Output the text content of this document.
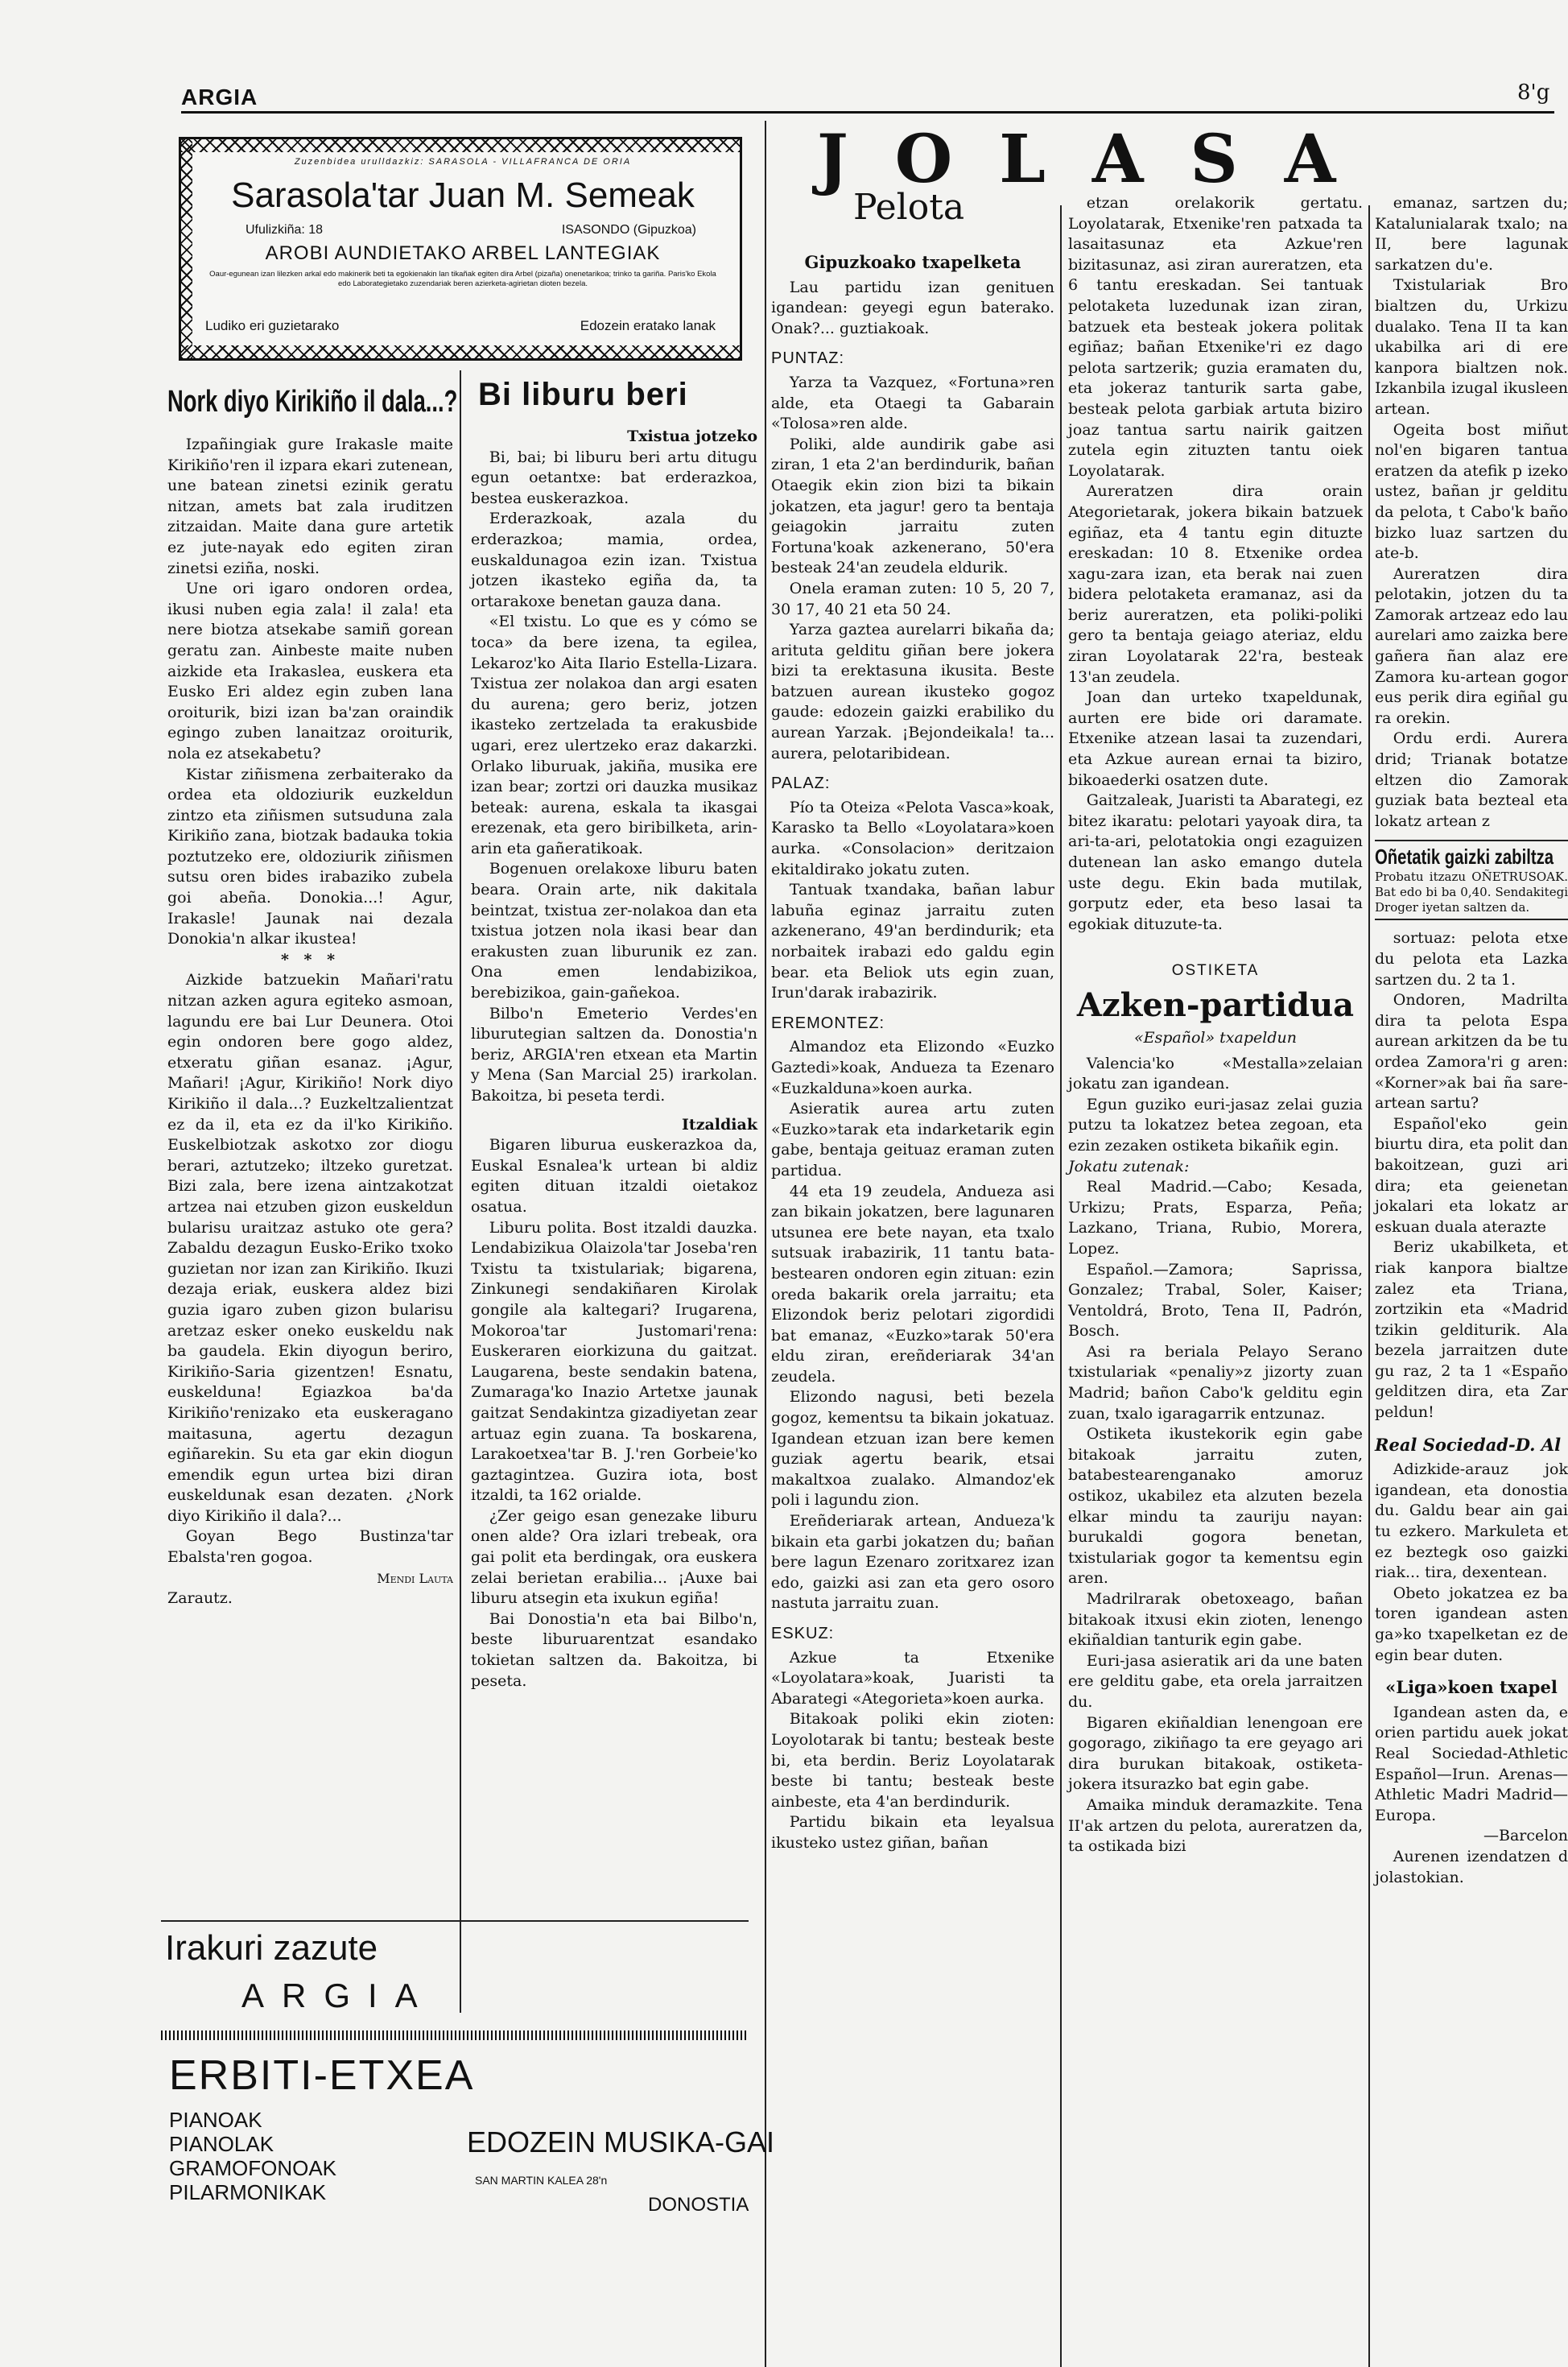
ARGIA	8'g
Zuzenbidea urulldazkiz: SARASOLA - VILLAFRANCA DE ORIA
Sarasola'tar Juan M. Semeak
Ufulizkiña: 18	ISASONDO (Gipuzkoa)
AROBI AUNDIETAKO ARBEL LANTEGIAK
Oaur-egunean izan lilezken arkal edo makinerik beti ta egokienakin lan tikañak egiten dira Arbel (pizaña) onenetarikoa; trinko ta gariña. Paris'ko Ekola edo Laborategietako zuzendariak beren azierketa-agirietan dioten bezela.
Ludiko eri guzietarako	Edozein eratako lanak
Nork diyo Kirikiño il dala...?

Izpañingiak gure Irakasle maite Kirikiño'ren il izpara ekari zutenean, une batean zinetsi ezinik geratu nitzan, amets bat zala iruditzen zitzaidan. Maite dana gure artetik ez jute-nayak edo egiten ziran zinetsi eziña, noski.

Une ori igaro ondoren ordea, ikusi nuben egia zala! il zala! eta nere biotza atsekabe samiñ gorean geratu zan. Ainbeste maite nuben aizkide eta Irakaslea, euskera eta Eusko Eri aldez egin zuben lana oroiturik, bizi izan ba'zan oraindik egingo zuben lanaitzaz oroiturik, nola ez atsekabetu?

Kistar ziñismena zerbaiterako da ordea eta oldoziurik euzkeldun zintzo eta ziñismen sutsuduna zala Kirikiño zana, biotzak badauka tokia poztutzeko ere, oldoziurik ziñismen sutsu oren bides irabaziko zubela goi abeña. Donokia...! Agur, Irakasle! Jaunak nai dezala Donokia'n alkar ikustea!

* * *

Aizkide batzuekin Mañari'ratu nitzan azken agura egiteko asmoan, lagundu ere bai Lur Deunera. Otoi egin ondoren bere gogo aldez, etxeratu giñan esanaz. ¡Agur, Mañari! ¡Agur, Kirikiño! Nork diyo Kirikiño il dala...? Euzkeltzalientzat ez da il, eta ez da il'ko Kirikiño. Euskelbiotzak askotxo zor diogu berari, aztutzeko; iltzeko guretzat. Bizi zala, bere izena aintzakotzat artzea nai etzuben gizon euskeldun bularisu uraitzaz astuko ote gera? Zabaldu dezagun Eusko-Eriko txoko guzietan nor izan zan Kirikiño. Ikuzi dezaja eriak, euskera aldez bizi guzia igaro zuben gizon bularisu aretzaz esker oneko euskeldu nak ba gaudela. Ekin diyogun beriro, Kirikiño-Saria gizentzen! Esnatu, euskelduna! Egiazkoa ba'da Kirikiño'renizako eta euskeragano maitasuna, agertu dezagun egiñarekin. Su eta gar ekin diogun emendik egun urtea bizi diran euskeldunak esan dezaten. ¿Nork diyo Kirikiño il dala?...

Goyan Bego Bustinza'tar Ebalsta'ren gogoa.

Mendi Lauta

Zarautz.

Irakuri zazute
ARGIA
ERBITI-ETXEA
PIANOAK
PIANOLAK
GRAMOFONOAK
PILARMONIKAK
EDOZEIN MUSIKA-GAI
SAN MARTIN KALEA 28'n
DONOSTIA
Bi liburu beri

Txistua jotzeko

Bi, bai; bi liburu beri artu ditugu egun oetantxe: bat erderazkoa, bestea euskerazkoa.

Erderazkoak, azala du erderazkoa; mamia, ordea, euskaldunagoa ezin izan. Txistua jotzen ikasteko egiña da, ta ortarakoxe benetan gauza dana.

«El txistu. Lo que es y cómo se toca» da bere izena, ta egilea, Lekaroz'ko Aita Ilario Estella-Lizara. Txistua zer nolakoa dan argi esaten du aurena; gero beriz, jotzen ikasteko zertzelada ta erakusbide ugari, erez ulertzeko eraz dakarzki. Orlako liburuak, jakiña, musika ere izan bear; zortzi ori dauzka musikaz beteak: aurena, eskala ta ikasgai erezenak, eta gero biribilketa, arin-arin eta gañeratikoak.

Bogenuen orelakoxe liburu baten beara. Orain arte, nik dakitala beintzat, txistua zer-nolakoa dan eta txistua jotzen nola ikasi bear dan erakusten zuan liburunik ez zan. Ona emen lendabizikoa, berebizikoa, gain-gañekoa.

Bilbo'n Emeterio Verdes'en liburutegian saltzen da. Donostia'n beriz, ARGIA'ren etxean eta Martin y Mena (San Marcial 25) irarkolan. Bakoitza, bi peseta terdi.

Itzaldiak

Bigaren liburua euskerazkoa da, Euskal Esnalea'k urtean bi aldiz egiten dituan itzaldi oietakoz osatua.

Liburu polita. Bost itzaldi dauzka. Lendabizikua Olaizola'tar Joseba'ren Txistu ta txistulariak; bigarena, Zinkunegi sendakiñaren Kirolak gongile ala kaltegari? Irugarena, Mokoroa'tar Justomari'rena: Euskeraren eiorkizuna du gaitzat. Laugarena, beste sendakin batena, Zumaraga'ko Inazio Artetxe jaunak gaitzat Sendakintza gizadiyetan zear artuaz egin zuana. Ta boskarena, Larakoetxea'tar B. J.'ren Gorbeie'ko gaztagintzea. Guzira iota, bost itzaldi, ta 162 orialde.

¿Zer geigo esan genezake liburu onen alde? Ora izlari trebeak, ora gai polit eta berdingak, ora euskera zelai berietan erabilia... ¡Auxe bai liburu atsegin eta ixukun egiña!

Bai Donostia'n eta bai Bilbo'n, beste liburuarentzat esandako tokietan saltzen da. Bakoitza, bi peseta.

JOLASA
Pelota

Gipuzkoako txapelketa

Lau partidu izan genituen igandean: geyegi egun baterako. Onak?... guztiakoak.

PUNTAZ:

Yarza ta Vazquez, «Fortuna»ren alde, eta Otaegi ta Gabarain «Tolosa»ren alde.

Poliki, alde aundirik gabe asi ziran, 1 eta 2'an berdindurik, bañan Otaegik ekin zion bizi ta bikain jokatzen, eta jagur! gero ta bentaja geiagokin jarraitu zuten Fortuna'koak azkenerano, 50'era besteak 24'an zeudela eldurik.

Onela eraman zuten: 10 5, 20 7, 30 17, 40 21 eta 50 24.

Yarza gaztea aurelarri bikaña da; arituta gelditu giñan bere jokera bizi ta erektasuna ikusita. Beste batzuen aurean ikusteko gogoz gaude: edozein gaizki erabiliko du aurean Yarzak. ¡Bejondeikala! ta... aurera, pelotaribidean.

PALAZ:

Pío ta Oteiza «Pelota Vasca»koak, Karasko ta Bello «Loyolatara»koen aurka. «Consolacion» deritzaion ekitaldirako jokatu zuten.

Tantuak txandaka, bañan labur labuña eginaz jarraitu zuten azkenerano, 49'an berdindurik; eta norbaitek irabazi edo galdu egin bear. eta Beliok uts egin zuan, Irun'darak irabazirik.

EREMONTEZ:

Almandoz eta Elizondo «Euzko Gaztedi»koak, Andueza ta Ezenaro «Euzkalduna»koen aurka.

Asieratik aurea artu zuten «Euzko»tarak eta indarketarik egin gabe, bentaja geituaz eraman zuten partidua.

44 eta 19 zeudela, Andueza asi zan bikain jokatzen, bere lagunaren utsunea ere bete nayan, eta txalo sutsuak irabazirik, 11 tantu bata-bestearen ondoren egin zituan: ezin oreda bakarik orela jarraitu; eta Elizondok beriz pelotari zigordidi bat emanaz, «Euzko»tarak 50'era eldu ziran, ereñderiarak 34'an zeudela.

Elizondo nagusi, beti bezela gogoz, kementsu ta bikain jokatuaz. Igandean etzuan izan bere kemen guziak agertu bearik, etsai makaltxoa zualako. Almandoz'ek poli i lagundu zion.

Ereñderiarak artean, Andueza'k bikain eta garbi jokatzen du; bañan bere lagun Ezenaro zoritxarez izan edo, gaizki asi zan eta gero osoro nastuta jarraitu zuan.

ESKUZ:

Azkue ta Etxenike «Loyolatara»koak, Juaristi ta Abarategi «Ategorieta»koen aurka.

Bitakoak poliki ekin zioten: Loyolotarak bi tantu; besteak beste bi, eta berdin. Beriz Loyolatarak beste bi tantu; besteak beste ainbeste, eta 4'an berdindurik.

Partidu bikain eta leyalsua ikusteko ustez giñan, bañan

etzan orelakorik gertatu. Loyolatarak, Etxenike'ren patxada ta lasaitasunaz eta Azkue'ren bizitasunaz, asi ziran aureratzen, eta 6 tantu ereskadan. Sei tantuak pelotaketa luzedunak izan ziran, batzuek eta besteak jokera politak egiñaz; bañan Etxenike'ri ez dago pelota sartzerik; guzia eramaten du, eta jokeraz tanturik sarta gabe, besteak pelota garbiak artuta biziro joaz tantua sartu nairik gaitzen zutela egin zituzten tantu oiek Loyolatarak.

Aureratzen dira orain Ategorietarak, jokera bikain batzuek egiñaz, eta 4 tantu egin dituzte ereskadan: 10 8. Etxenike ordea xagu-zara izan, eta berak nai zuen bidera pelotaketa eramanaz, asi da beriz aureratzen, eta poliki-poliki gero ta bentaja geiago ateriaz, eldu ziran Loyolatarak 22'ra, besteak 13'an zeudela.

Joan dan urteko txapeldunak, aurten ere bide ori daramate. Etxenike atzean lasai ta zuzendari, eta Azkue aurean ernai ta biziro, bikoaederki osatzen dute.

Gaitzaleak, Juaristi ta Abarategi, ez bitez ikaratu: pelotari yayoak dira, ta ari-ta-ari, pelotatokia ongi ezaguizen dutenean lan asko emango dutela uste degu. Ekin bada mutilak, gorputz eder, eta beso lasai ta egokiak dituzute-ta.

OSTIKETA

Azken-partidua

«Español» txapeldun

Valencia'ko «Mestalla»zelaian jokatu zan igandean.

Egun guziko euri-jasaz zelai guzia putzu ta lokatzez betea zegoan, eta ezin zezaken ostiketa bikañik egin.

Jokatu zutenak:

Real Madrid.—Cabo; Kesada, Urkizu; Prats, Esparza, Peña; Lazkano, Triana, Rubio, Morera, Lopez.

Español.—Zamora; Saprissa, Gonzalez; Trabal, Soler, Kaiser; Ventoldrá, Broto, Tena II, Padrón, Bosch.

Asi ra beriala Pelayo Serano txistulariak «penaliy»z jizorty zuan Madrid; bañon Cabo'k gelditu egin zuan, txalo igaragarrik entzunaz.

Ostiketa ikustekorik egin gabe bitakoak jarraitu zuten, batabestearenganako amoruz ostikoz, ukabilez eta alzuten bezela elkar mindu ta zauriju nayan: burukaldi gogora benetan, txistulariak gogor ta kementsu egin aren.

Madrilrarak obetoxeago, bañan bitakoak itxusi ekin zioten, lenengo ekiñaldian tanturik egin gabe.

Euri-jasa asieratik ari da une baten ere gelditu gabe, eta orela jarraitzen du.

Bigaren ekiñaldian lenengoan ere gogorago, zikiñago ta ere geyago ari dira burukan bitakoak, ostiketa-jokera itsurazko bat egin gabe.

Amaika minduk deramazkite. Tena II'ak artzen du pelota, aureratzen da, ta ostikada bizi

emanaz, sartzen du; Katalunialarak txalo; na II, bere lagunak sarkatzen du'e.

Txistulariak Bro bialtzen du, Urkizu dualako. Tena II ta kan ukabilka ari di ere kanpora bialtzen nok. Izkanbila izugal ikusleen artean.

Ogeita bost miñut nol'en bigaren tantua eratzen da atefik p izeko ustez, bañan jr gelditu da pelota, t Cabo'k baño bizko luaz sartzen du ate-b.

Aureratzen dira pelotakin, jotzen du ta Zamorak artzeaz edo lau aurelari amo zaizka bere gañera ñan alaz ere Zamora ku-artean gogor eus perik dira egiñal gu ra orekin.

Ordu erdi. Aurera drid; Trianak botatze eltzen dio Zamorak guziak bata bezteal eta lokatz artean z

Oñetatik gaizki zabiltza

Probatu itzazu OÑETRUSOAK. Bat edo bi ba 0,40. Sendakitegi Droger iyetan saltzen da.

sortuaz: pelota etxe du pelota eta Lazka sartzen du. 2 ta 1.

Ondoren, Madrilta dira ta pelota Espa aurean arkitzen da be tu ordea Zamora'ri g aren: «Korner»ak bai ña sare-artean sartu?

Español'eko gein biurtu dira, eta polit dan bakoitzean, guzi ari dira; eta geienetan jokalari eta lokatz ar eskuan duala aterazte

Beriz ukabilketa, et riak kanpora bialtze zalez eta Triana, zortzikin eta «Madrid tzikin gelditurik. Ala bezela jarraitzen dute gu raz, 2 ta 1 «Españo gelditzen dira, eta Zar peldun!

Real Sociedad-D. Al

Adizkide-arauz jok igandean, eta donostia du. Galdu bear ain gai tu ezkero. Markuleta et ez beztegk oso gaizki riak... tira, dexentean.

Obeto jokatzea ez ba toren igandean asten ga»ko txapelketan ez de egin bear duten.

«Liga»koen txapel

Igandean asten da, e orien partidu auek jokat Real Sociedad-Athletic Español—Irun. Arenas—Athletic Madri Madrid—Europa.

—Barcelon

Aurenen izendatzen d jolastokian.
